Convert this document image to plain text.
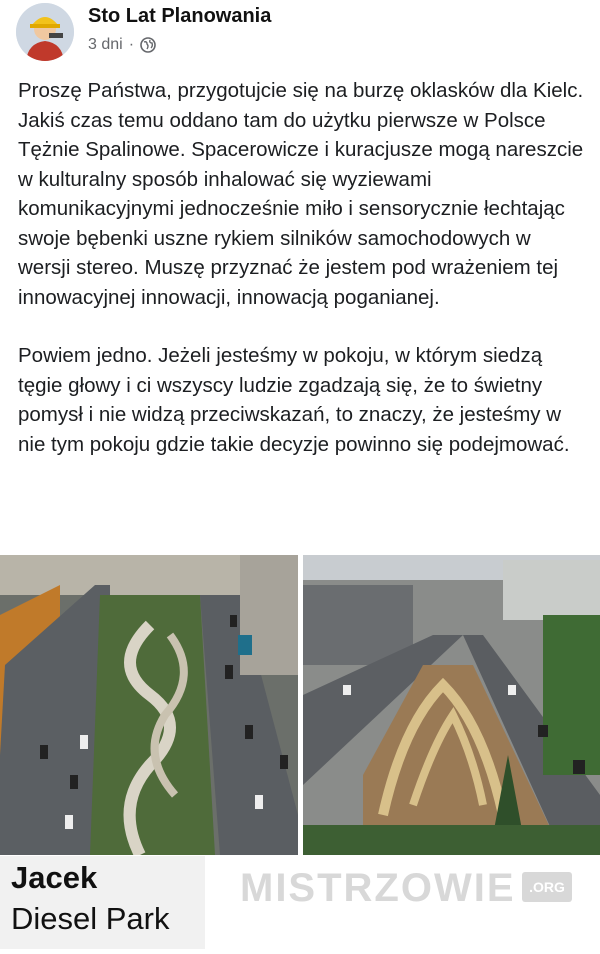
Sto Lat Planowania
3 dni ·

Proszę Państwa, przygotujcie się na burzę oklasków dla Kielc. Jakiś czas temu oddano tam do użytku pierwsze w Polsce Tężnie Spalinowe. Spacerowicze i kuracjusze mogą nareszcie w kulturalny sposób inhalować się wyziewami komunikacyjnymi jednocześnie miło i sensorycznie łechtając swoje bębenki uszne rykiem silników samochodowych w wersji stereo. Muszę przyznać że jestem pod wrażeniem tej innowacyjnej innowacji, innowacją poganianej.

Powiem jedno. Jeżeli jesteśmy w pokoju, w którym siedzą tęgie głowy i ci wszyscy ludzie zgadzają się, że to świetny pomysł i nie widzą przeciwskazań, to znaczy, że jesteśmy w nie tym pokoju gdzie takie decyzje powinno się podejmować.

Jacek
Diesel Park
MISTRZOWIE .ORG
